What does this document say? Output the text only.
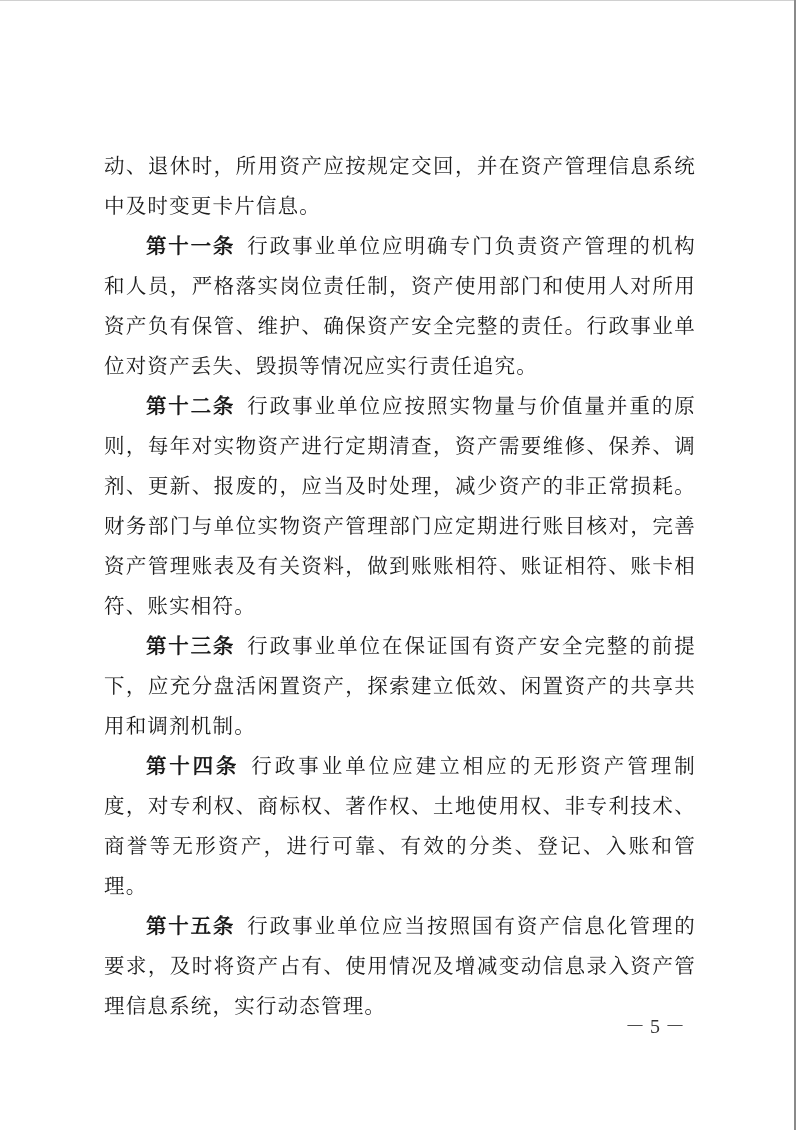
动、退休时，所用资产应按规定交回，并在资产管理信息系统中及时变更卡片信息。

第十一条 行政事业单位应明确专门负责资产管理的机构和人员，严格落实岗位责任制，资产使用部门和使用人对所用资产负有保管、维护、确保资产安全完整的责任。行政事业单位对资产丢失、毁损等情况应实行责任追究。

第十二条 行政事业单位应按照实物量与价值量并重的原则，每年对实物资产进行定期清查，资产需要维修、保养、调剂、更新、报废的，应当及时处理，减少资产的非正常损耗。财务部门与单位实物资产管理部门应定期进行账目核对，完善资产管理账表及有关资料，做到账账相符、账证相符、账卡相符、账实相符。

第十三条 行政事业单位在保证国有资产安全完整的前提下，应充分盘活闲置资产，探索建立低效、闲置资产的共享共用和调剂机制。

第十四条 行政事业单位应建立相应的无形资产管理制度，对专利权、商标权、著作权、土地使用权、非专利技术、商誉等无形资产，进行可靠、有效的分类、登记、入账和管理。

第十五条 行政事业单位应当按照国有资产信息化管理的要求，及时将资产占有、使用情况及增减变动信息录入资产管理信息系统，实行动态管理。

－ 5 －
